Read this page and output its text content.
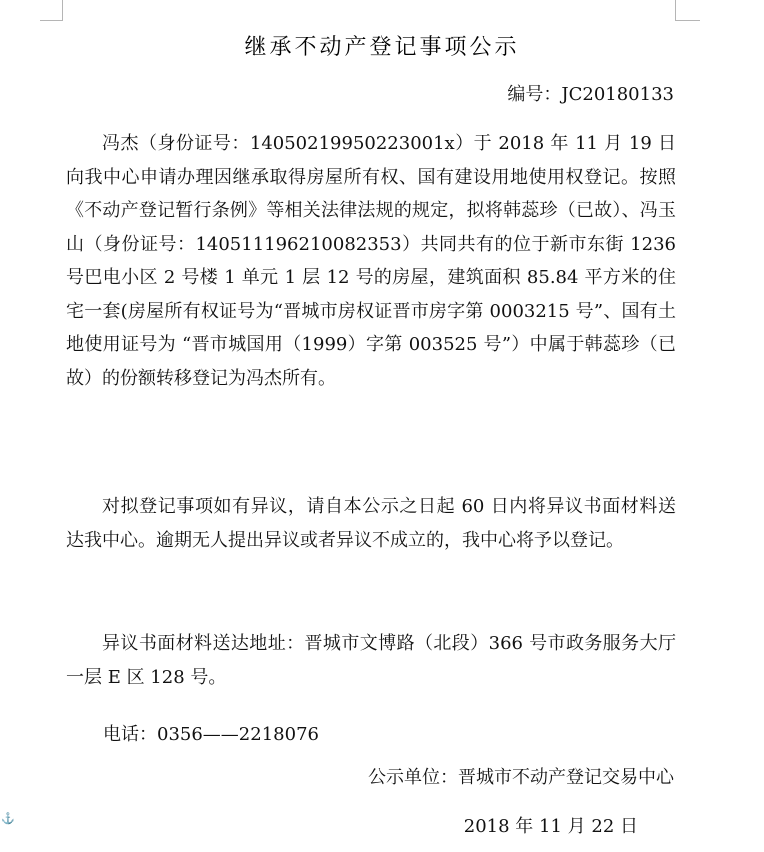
继承不动产登记事项公示
编号：JC20180133

冯杰（身份证号：14050219950223001x）于 2018 年 11 月 19 日向我中心申请办理因继承取得房屋所有权、国有建设用地使用权登记。按照《不动产登记暂行条例》等相关法律法规的规定，拟将韩蕊珍（已故）、冯玉山（身份证号：140511196210082353）共同共有的位于新市东街 1236 号巴电小区 2 号楼 1 单元 1 层 12 号的房屋，建筑面积 85.84 平方米的住宅一套(房屋所有权证号为“晋城市房权证晋市房字第 0003215 号”、国有土地使用证号为 “晋市城国用（1999）字第 003525 号”）中属于韩蕊珍（已故）的份额转移登记为冯杰所有。

对拟登记事项如有异议，请自本公示之日起 60 日内将异议书面材料送达我中心。逾期无人提出异议或者异议不成立的，我中心将予以登记。

异议书面材料送达地址：晋城市文博路（北段）366 号市政务服务大厅一层 E 区 128 号。

电话：0356——2218076
公示单位：晋城市不动产登记交易中心
2018 年 11 月 22 日
⚓
